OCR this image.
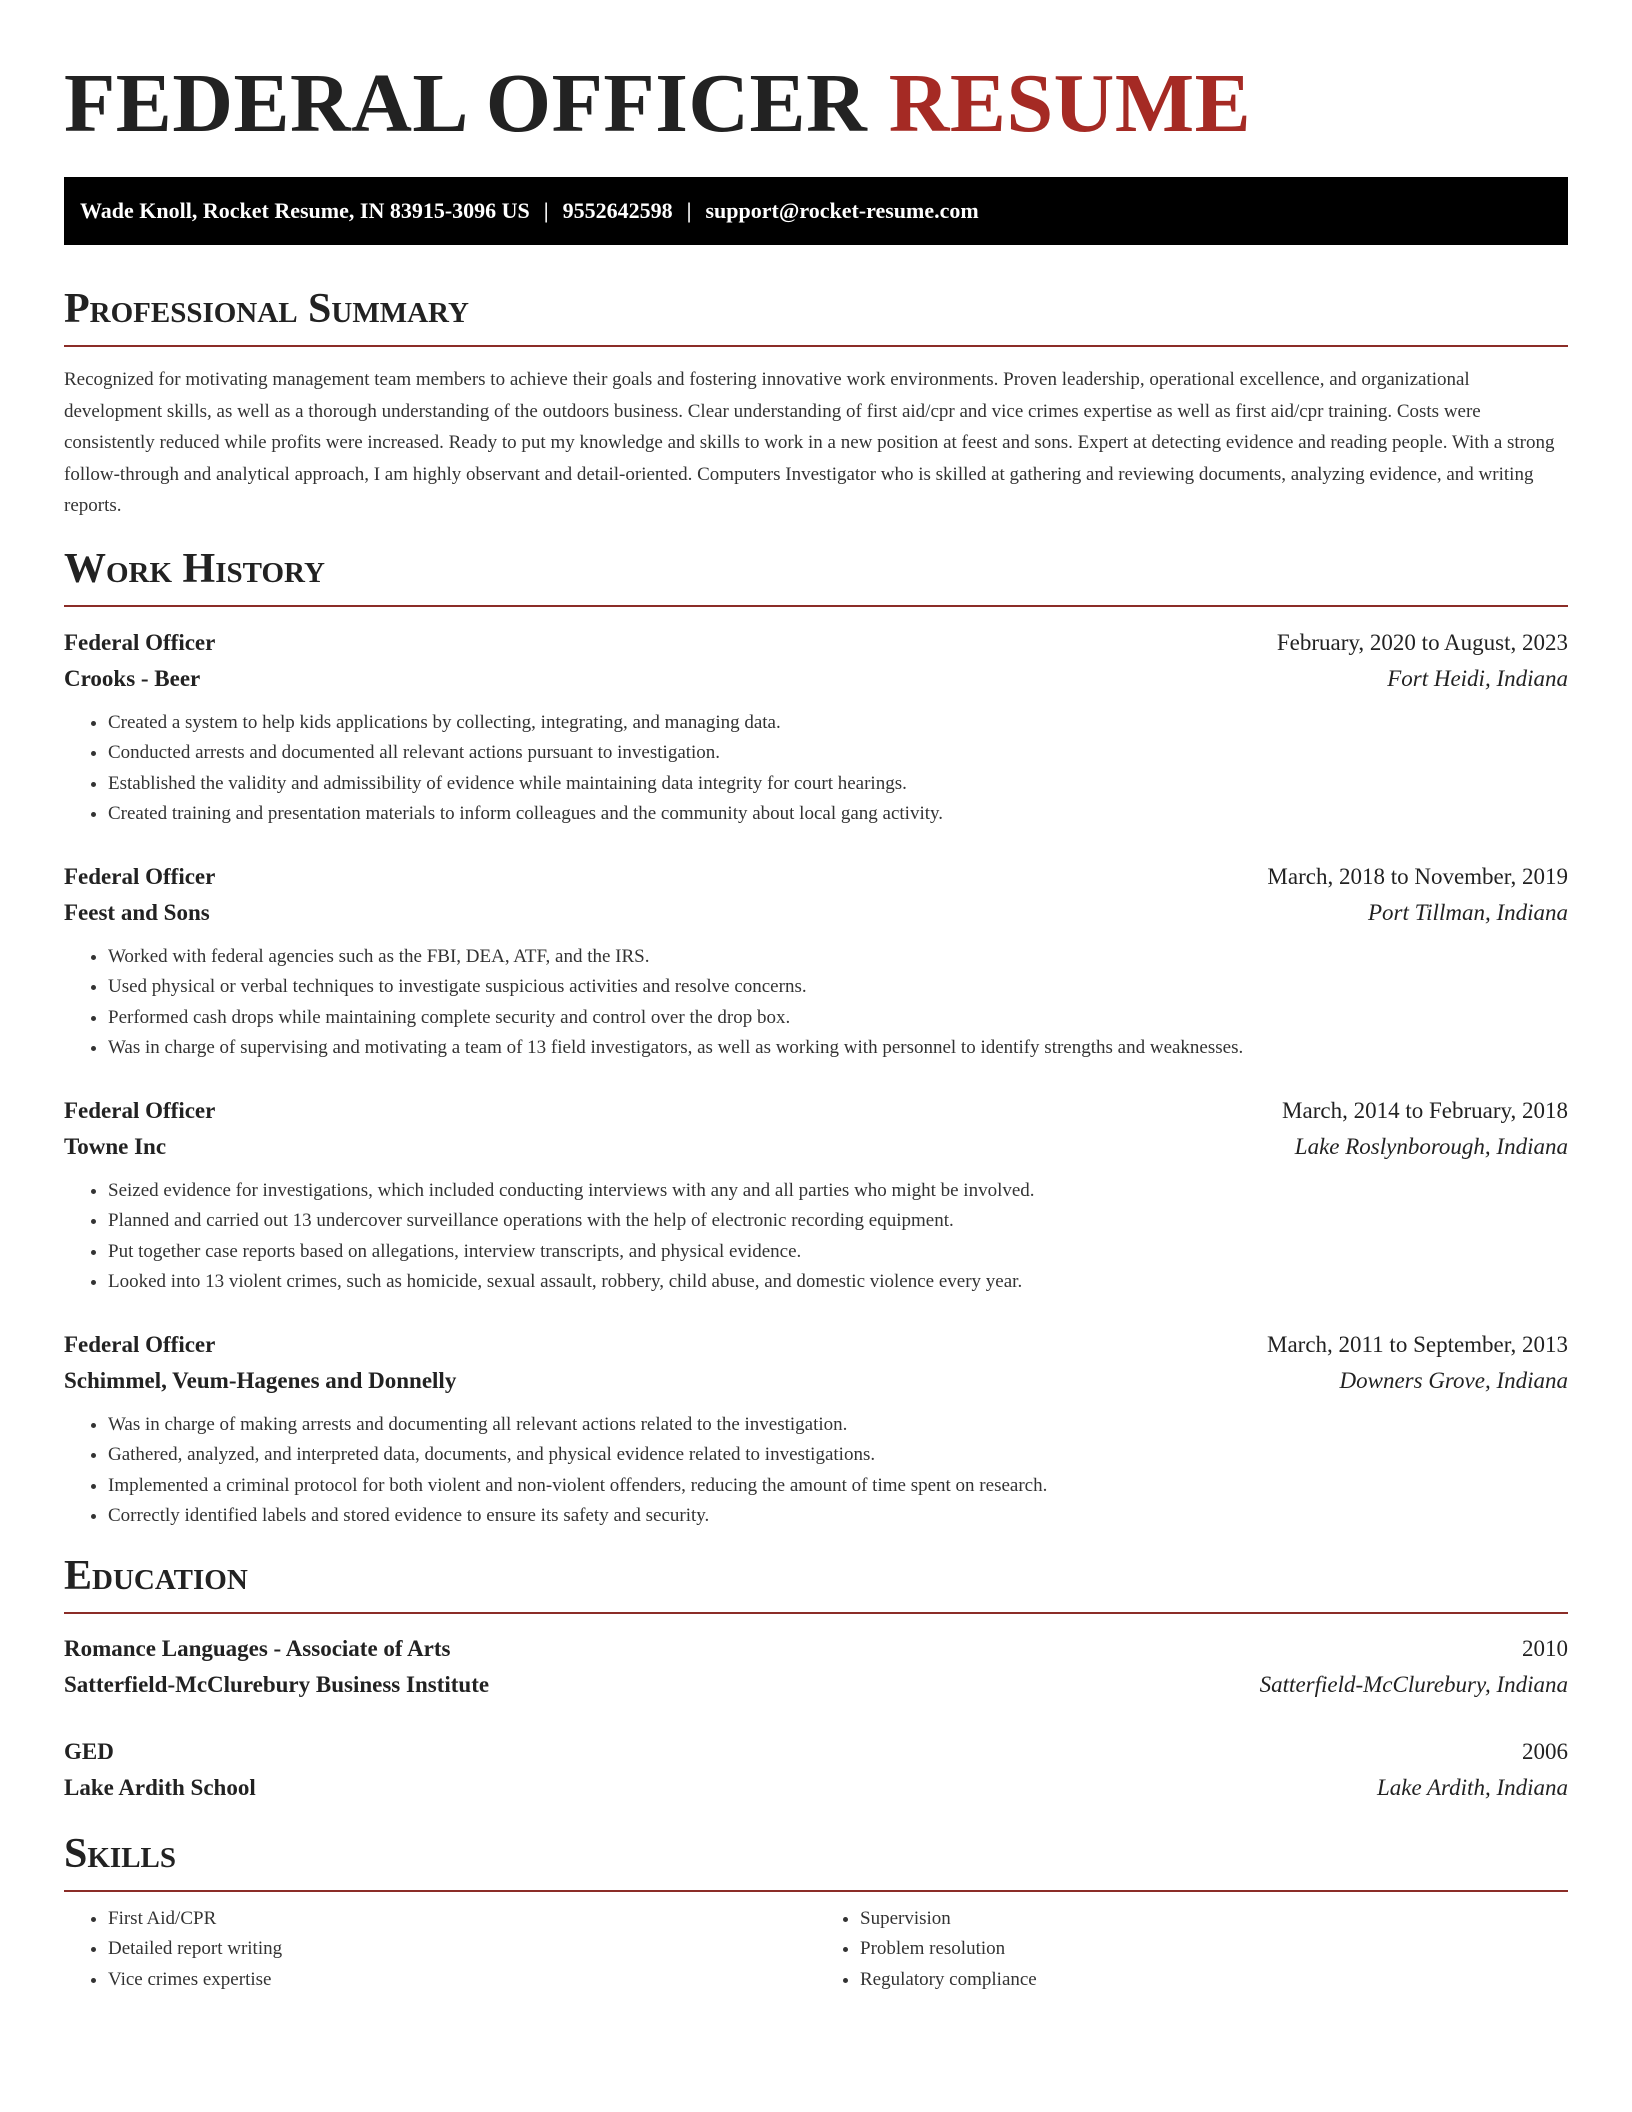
FEDERAL OFFICER RESUME
Wade Knoll, Rocket Resume, IN 83915-3096 US | 9552642598 | support@rocket-resume.com
Professional Summary

Recognized for motivating management team members to achieve their goals and fostering innovative work environments. Proven leadership, operational excellence, and organizational development skills, as well as a thorough understanding of the outdoors business. Clear understanding of first aid/cpr and vice crimes expertise as well as first aid/cpr training. Costs were consistently reduced while profits were increased. Ready to put my knowledge and skills to work in a new position at feest and sons. Expert at detecting evidence and reading people. With a strong follow-through and analytical approach, I am highly observant and detail-oriented. Computers Investigator who is skilled at gathering and reviewing documents, analyzing evidence, and writing reports.

Work History
Federal Officer	February, 2020 to August, 2023
Crooks - Beer	Fort Heidi, Indiana
• Created a system to help kids applications by collecting, integrating, and managing data.
• Conducted arrests and documented all relevant actions pursuant to investigation.
• Established the validity and admissibility of evidence while maintaining data integrity for court hearings.
• Created training and presentation materials to inform colleagues and the community about local gang activity.
Federal Officer	March, 2018 to November, 2019
Feest and Sons	Port Tillman, Indiana
• Worked with federal agencies such as the FBI, DEA, ATF, and the IRS.
• Used physical or verbal techniques to investigate suspicious activities and resolve concerns.
• Performed cash drops while maintaining complete security and control over the drop box.
• Was in charge of supervising and motivating a team of 13 field investigators, as well as working with personnel to identify strengths and weaknesses.
Federal Officer	March, 2014 to February, 2018
Towne Inc	Lake Roslynborough, Indiana
• Seized evidence for investigations, which included conducting interviews with any and all parties who might be involved.
• Planned and carried out 13 undercover surveillance operations with the help of electronic recording equipment.
• Put together case reports based on allegations, interview transcripts, and physical evidence.
• Looked into 13 violent crimes, such as homicide, sexual assault, robbery, child abuse, and domestic violence every year.
Federal Officer	March, 2011 to September, 2013
Schimmel, Veum-Hagenes and Donnelly	Downers Grove, Indiana
• Was in charge of making arrests and documenting all relevant actions related to the investigation.
• Gathered, analyzed, and interpreted data, documents, and physical evidence related to investigations.
• Implemented a criminal protocol for both violent and non-violent offenders, reducing the amount of time spent on research.
• Correctly identified labels and stored evidence to ensure its safety and security.
Education
Romance Languages - Associate of Arts	2010
Satterfield-McClurebury Business Institute	Satterfield-McClurebury, Indiana
GED	2006
Lake Ardith School	Lake Ardith, Indiana
Skills
• First Aid/CPR
• Detailed report writing
• Vice crimes expertise
• Supervision
• Problem resolution
• Regulatory compliance
